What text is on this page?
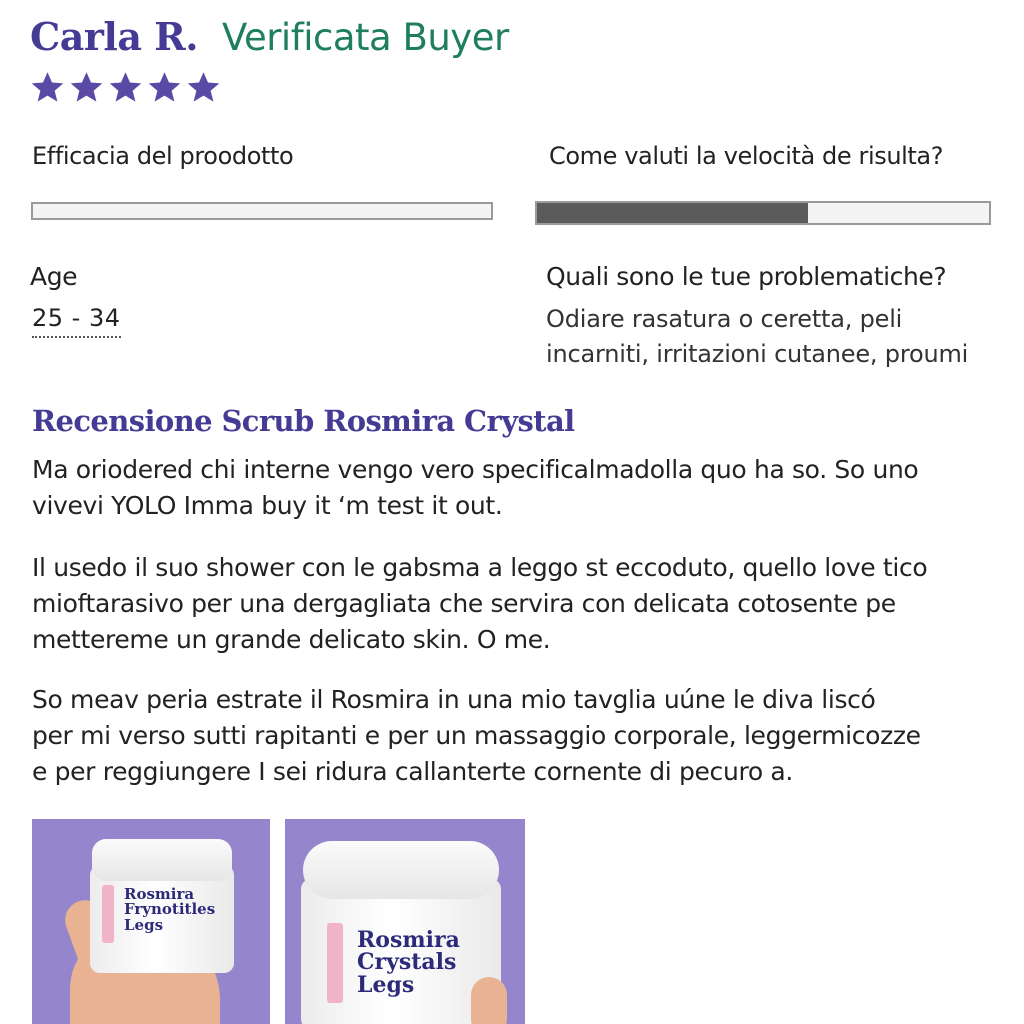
Carla R. Verificata Buyer
Efficacia del proodotto	Come valuti la velocità de risulta?
Age
25 - 34
Quali sono le tue problematiche?
Odiare rasatura o ceretta, peli
incarniti, irritazioni cutanee, proumi
Recensione Scrub Rosmira Crystal
Ma oriodered chi interne vengo vero specificalmadolla quo ha so. So uno
vivevi YOLO Imma buy it ‘m test it out.
Il usedo il suo shower con le gabsma a leggo st eccoduto, quello love tico
mioftarasivo per una dergagliata che servira con delicata cotosente pe
mettereme un grande delicato skin. O me.
So meav peria estrate il Rosmira in una mio tavglia uúne le diva liscó
per mi verso sutti rapitanti e per un massaggio corporale, leggermicozze
e per reggiungere I sei ridura callanterte cornente di pecuro a.
Rosmira
Frynotitles
Legs
Rosmira
Crystals
Legs
